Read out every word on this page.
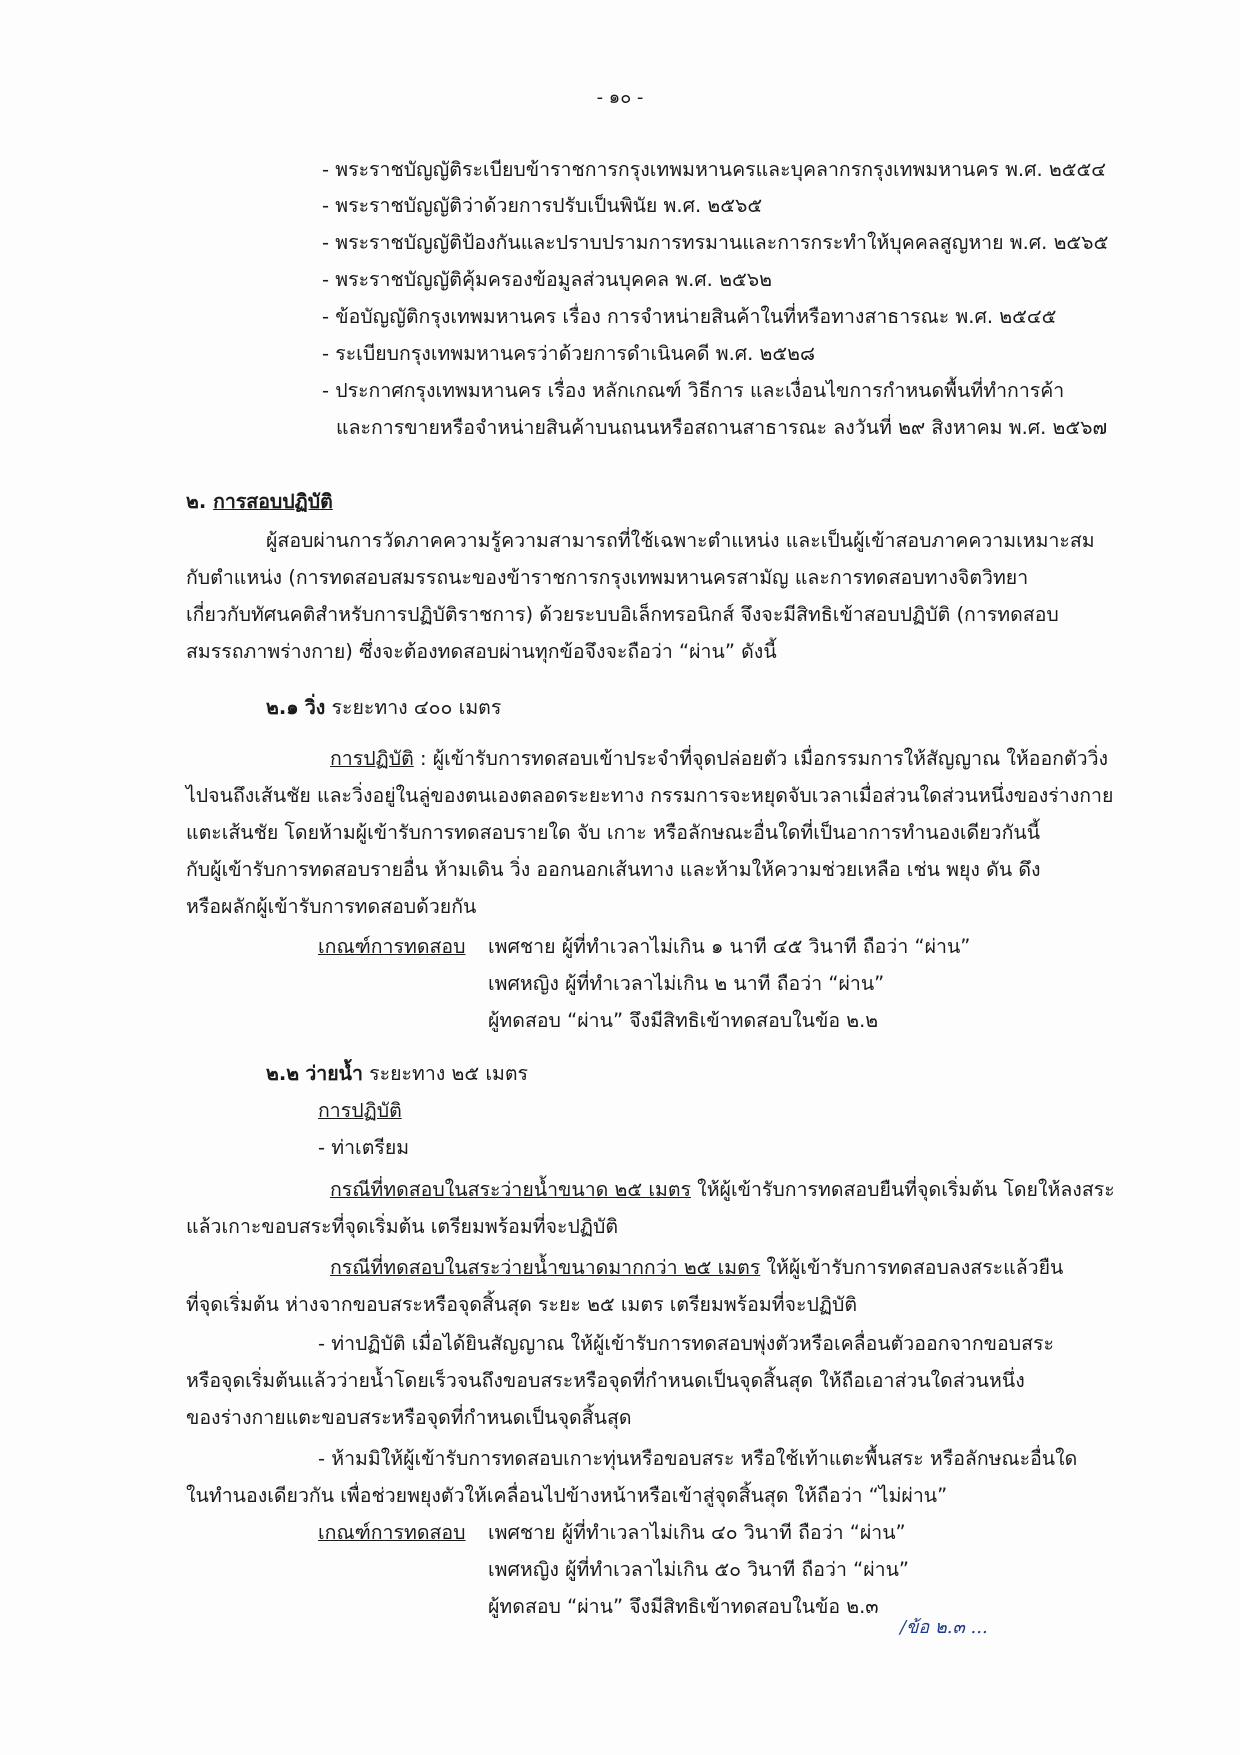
- ๑๐ -
- พระราชบัญญัติระเบียบข้าราชการกรุงเทพมหานครและบุคลากรกรุงเทพมหานคร พ.ศ. ๒๕๕๔
- พระราชบัญญัติว่าด้วยการปรับเป็นพินัย พ.ศ. ๒๕๖๕
- พระราชบัญญัติป้องกันและปราบปรามการทรมานและการกระทำให้บุคคลสูญหาย พ.ศ. ๒๕๖๕
- พระราชบัญญัติคุ้มครองข้อมูลส่วนบุคคล พ.ศ. ๒๕๖๒
- ข้อบัญญัติกรุงเทพมหานคร เรื่อง การจำหน่ายสินค้าในที่หรือทางสาธารณะ พ.ศ. ๒๕๔๕
- ระเบียบกรุงเทพมหานครว่าด้วยการดำเนินคดี พ.ศ. ๒๕๒๘
- ประกาศกรุงเทพมหานคร เรื่อง หลักเกณฑ์ วิธีการ และเงื่อนไขการกำหนดพื้นที่ทำการค้า
และการขายหรือจำหน่ายสินค้าบนถนนหรือสถานสาธารณะ ลงวันที่ ๒๙ สิงหาคม พ.ศ. ๒๕๖๗
๒. การสอบปฏิบัติ
ผู้สอบผ่านการวัดภาคความรู้ความสามารถที่ใช้เฉพาะตำแหน่ง และเป็นผู้เข้าสอบภาคความเหมาะสม
กับตำแหน่ง (การทดสอบสมรรถนะของข้าราชการกรุงเทพมหานครสามัญ และการทดสอบทางจิตวิทยา
เกี่ยวกับทัศนคติสำหรับการปฏิบัติราชการ) ด้วยระบบอิเล็กทรอนิกส์ จึงจะมีสิทธิเข้าสอบปฏิบัติ (การทดสอบ
สมรรถภาพร่างกาย) ซึ่งจะต้องทดสอบผ่านทุกข้อจึงจะถือว่า “ผ่าน” ดังนี้
๒.๑ วิ่ง ระยะทาง ๔๐๐ เมตร
การปฏิบัติ : ผู้เข้ารับการทดสอบเข้าประจำที่จุดปล่อยตัว เมื่อกรรมการให้สัญญาณ ให้ออกตัววิ่ง
ไปจนถึงเส้นชัย และวิ่งอยู่ในลู่ของตนเองตลอดระยะทาง กรรมการจะหยุดจับเวลาเมื่อส่วนใดส่วนหนึ่งของร่างกาย
แตะเส้นชัย โดยห้ามผู้เข้ารับการทดสอบรายใด จับ เกาะ หรือลักษณะอื่นใดที่เป็นอาการทำนองเดียวกันนี้
กับผู้เข้ารับการทดสอบรายอื่น ห้ามเดิน วิ่ง ออกนอกเส้นทาง และห้ามให้ความช่วยเหลือ เช่น พยุง ดัน ดึง
หรือผลักผู้เข้ารับการทดสอบด้วยกัน
เกณฑ์การทดสอบ เพศชาย ผู้ที่ทำเวลาไม่เกิน ๑ นาที ๔๕ วินาที ถือว่า “ผ่าน”
เพศหญิง ผู้ที่ทำเวลาไม่เกิน ๒ นาที ถือว่า “ผ่าน”
ผู้ทดสอบ “ผ่าน” จึงมีสิทธิเข้าทดสอบในข้อ ๒.๒
๒.๒ ว่ายน้ำ ระยะทาง ๒๕ เมตร
การปฏิบัติ
- ท่าเตรียม
กรณีที่ทดสอบในสระว่ายน้ำขนาด ๒๕ เมตร ให้ผู้เข้ารับการทดสอบยืนที่จุดเริ่มต้น โดยให้ลงสระ
แล้วเกาะขอบสระที่จุดเริ่มต้น เตรียมพร้อมที่จะปฏิบัติ
กรณีที่ทดสอบในสระว่ายน้ำขนาดมากกว่า ๒๕ เมตร ให้ผู้เข้ารับการทดสอบลงสระแล้วยืน
ที่จุดเริ่มต้น ห่างจากขอบสระหรือจุดสิ้นสุด ระยะ ๒๕ เมตร เตรียมพร้อมที่จะปฏิบัติ
- ท่าปฏิบัติ เมื่อได้ยินสัญญาณ ให้ผู้เข้ารับการทดสอบพุ่งตัวหรือเคลื่อนตัวออกจากขอบสระ
หรือจุดเริ่มต้นแล้วว่ายน้ำโดยเร็วจนถึงขอบสระหรือจุดที่กำหนดเป็นจุดสิ้นสุด ให้ถือเอาส่วนใดส่วนหนึ่ง
ของร่างกายแตะขอบสระหรือจุดที่กำหนดเป็นจุดสิ้นสุด
- ห้ามมิให้ผู้เข้ารับการทดสอบเกาะทุ่นหรือขอบสระ หรือใช้เท้าแตะพื้นสระ หรือลักษณะอื่นใด
ในทำนองเดียวกัน เพื่อช่วยพยุงตัวให้เคลื่อนไปข้างหน้าหรือเข้าสู่จุดสิ้นสุด ให้ถือว่า “ไม่ผ่าน”
เกณฑ์การทดสอบ เพศชาย ผู้ที่ทำเวลาไม่เกิน ๔๐ วินาที ถือว่า “ผ่าน”
เพศหญิง ผู้ที่ทำเวลาไม่เกิน ๕๐ วินาที ถือว่า “ผ่าน”
ผู้ทดสอบ “ผ่าน” จึงมีสิทธิเข้าทดสอบในข้อ ๒.๓
/ข้อ ๒.๓ ...
